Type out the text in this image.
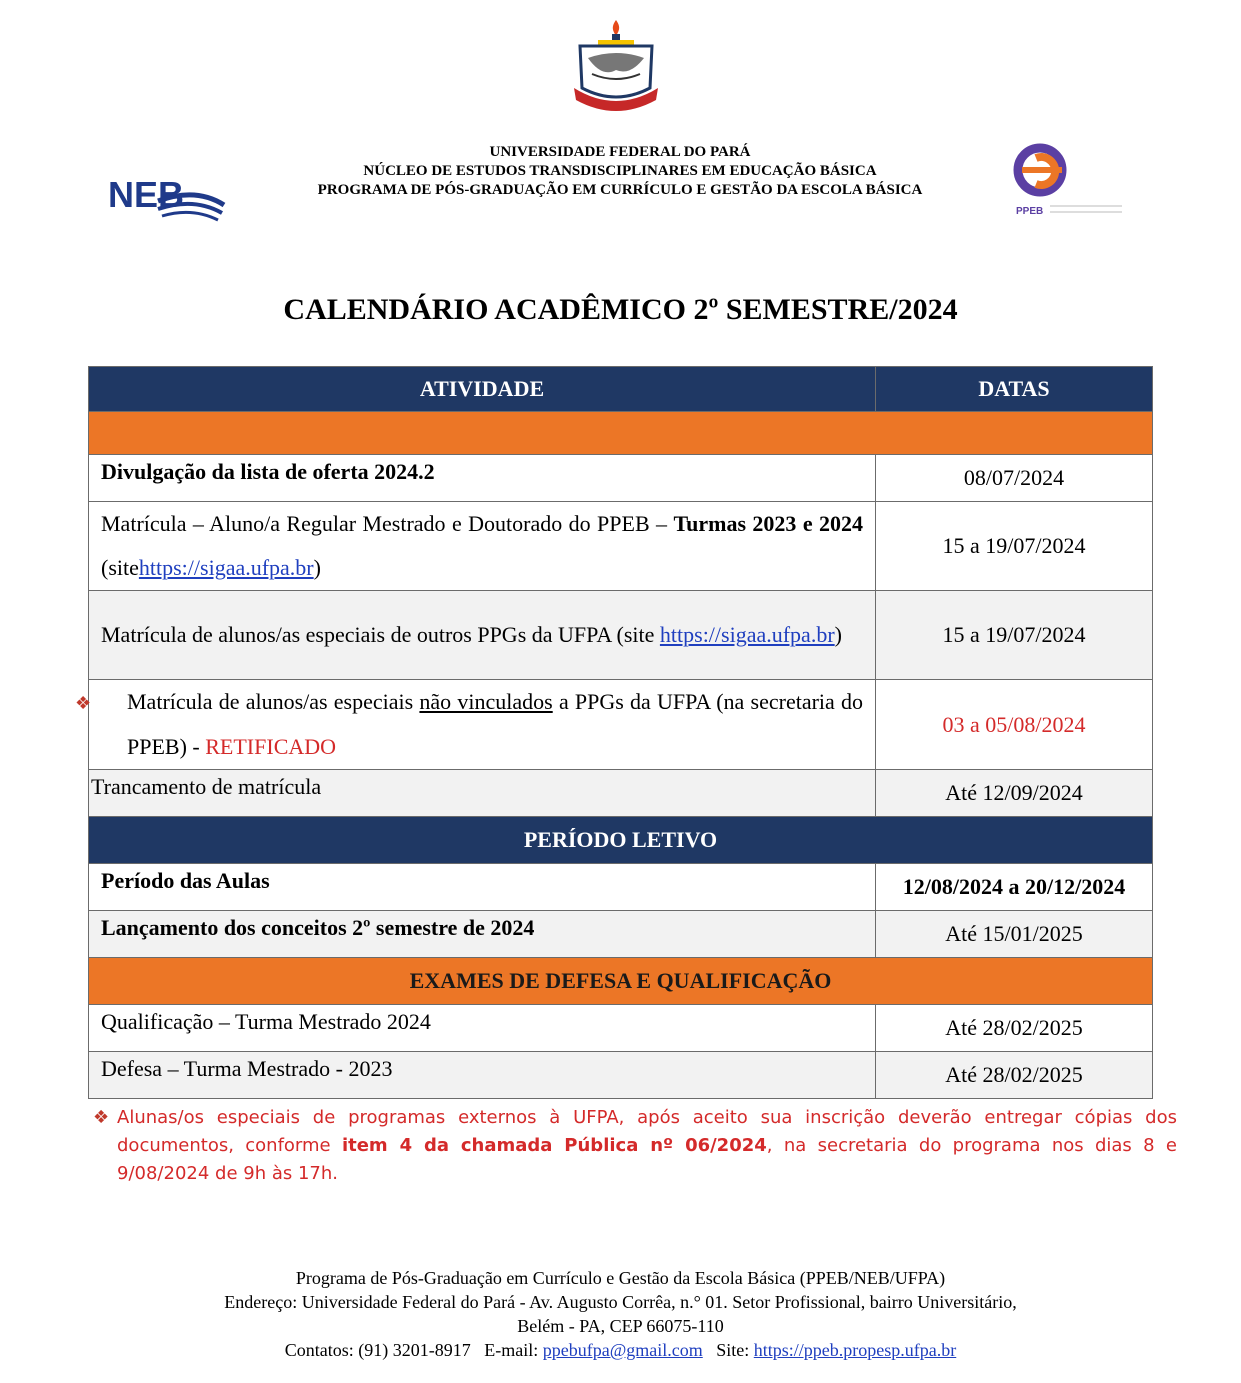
NEB	PPEB
UNIVERSIDADE FEDERAL DO PARÁ
NÚCLEO DE ESTUDOS TRANSDISCIPLINARES EM EDUCAÇÃO BÁSICA
PROGRAMA DE PÓS-GRADUAÇÃO EM CURRÍCULO E GESTÃO DA ESCOLA BÁSICA
CALENDÁRIO ACADÊMICO 2º SEMESTRE/2024
ATIVIDADE	DATAS

Divulgação da lista de oferta 2024.2	08/07/2024
Matrícula – Aluno/a Regular Mestrado e Doutorado do PPEB – Turmas 2023 e 2024 (sitehttps://sigaa.ufpa.br)	15 a 19/07/2024
Matrícula de alunos/as especiais de outros PPGs da UFPA (site https://sigaa.ufpa.br)	15 a 19/07/2024
❖ Matrícula de alunos/as especiais não vinculados a PPGs da UFPA (na secretaria do PPEB) - RETIFICADO	03 a 05/08/2024
Trancamento de matrícula	Até 12/09/2024
PERÍODO LETIVO	
Período das Aulas	12/08/2024 a 20/12/2024
Lançamento dos conceitos 2º semestre de 2024	Até 15/01/2025
EXAMES DE DEFESA E QUALIFICAÇÃO	
Qualificação – Turma Mestrado 2024	Até 28/02/2025
Defesa – Turma Mestrado - 2023	Até 28/02/2025
❖ Alunas/os especiais de programas externos à UFPA, após aceito sua inscrição deverão entregar cópias dos documentos, conforme item 4 da chamada Pública nº 06/2024, na secretaria do programa nos dias 8 e 9/08/2024 de 9h às 17h.
Programa de Pós-Graduação em Currículo e Gestão da Escola Básica (PPEB/NEB/UFPA)
Endereço: Universidade Federal do Pará - Av. Augusto Corrêa, n.° 01. Setor Profissional, bairro Universitário,
Belém - PA, CEP 66075-110
Contatos: (91) 3201-8917 E-mail: ppebufpa@gmail.com Site: https://ppeb.propesp.ufpa.br
